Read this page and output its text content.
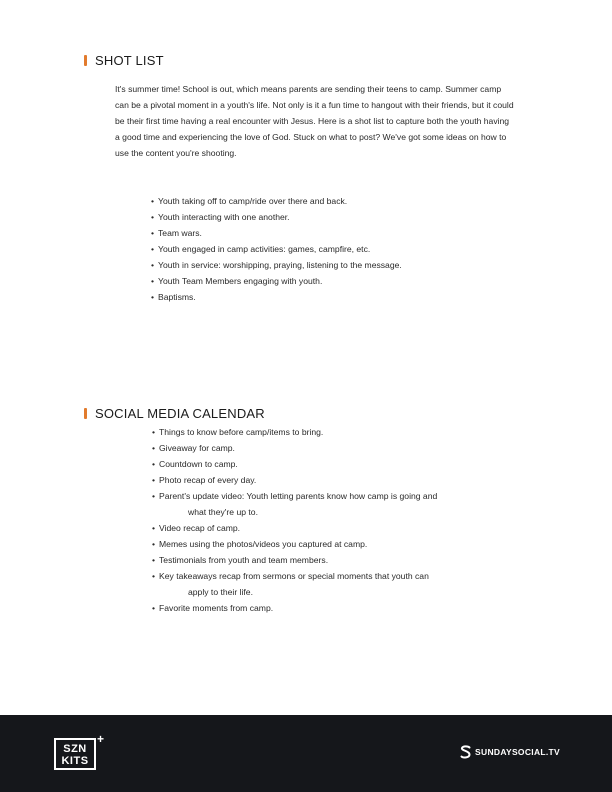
SHOT LIST

It's summer time! School is out, which means parents are sending their teens to camp. Summer camp can be a pivotal moment in a youth's life. Not only is it a fun time to hangout with their friends, but it could be their first time having a real encounter with Jesus. Here is a shot list to capture both the youth having a good time and experiencing the love of God. Stuck on what to post? We've got some ideas on how to use the content you're shooting.

• Youth taking off to camp/ride over there and back.
• Youth interacting with one another.
• Team wars.
• Youth engaged in camp activities: games, campfire, etc.
• Youth in service: worshipping, praying, listening to the message.
• Youth Team Members engaging with youth.
• Baptisms.
SOCIAL MEDIA CALENDAR
• Things to know before camp/items to bring.
• Giveaway for camp.
• Countdown to camp.
• Photo recap of every day.
• Parent's update video: Youth letting parents know how camp is going and
what they're up to.
• Video recap of camp.
• Memes using the photos/videos you captured at camp.
• Testimonials from youth and team members.
• Key takeaways recap from sermons or special moments that youth can
apply to their life.
• Favorite moments from camp.
SZN
KITS
+
SUNDAYSOCIAL.TV
